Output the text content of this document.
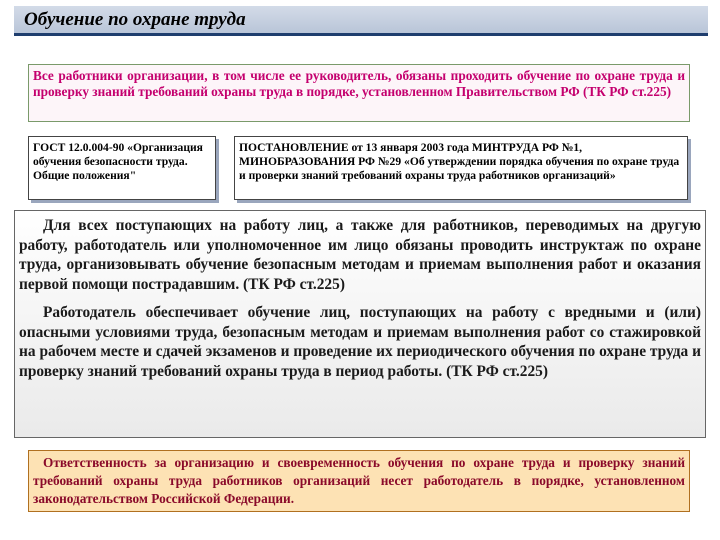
Обучение по охране труда
Все работники организации, в том числе ее руководитель, обязаны проходить обучение по охране труда и проверку знаний требований охраны труда в порядке, установленном Правительством РФ (ТК РФ ст.225)
ГОСТ 12.0.004-90 «Организация обучения безопасности труда. Общие положения"
ПОСТАНОВЛЕНИЕ от 13 января 2003 года МИНТРУДА РФ №1, МИНОБРАЗОВАНИЯ РФ №29 «Об утверждении порядка обучения по охране труда и проверки знаний требований охраны труда работников организаций»

Для всех поступающих на работу лиц, а также для работников, переводимых на другую работу, работодатель или уполномоченное им лицо обязаны проводить инструктаж по охране труда, организовывать обучение безопасным методам и приемам выполнения работ и оказания первой помощи пострадавшим. (ТК РФ ст.225)

Работодатель обеспечивает обучение лиц, поступающих на работу с вредными и (или) опасными условиями труда, безопасным методам и приемам выполнения работ со стажировкой на рабочем месте и сдачей экзаменов и проведение их периодического обучения по охране труда и проверку знаний требований охраны труда в период работы. (ТК РФ ст.225)

Ответственность за организацию и своевременность обучения по охране труда и проверку знаний требований охраны труда работников организаций несет работодатель в порядке, установленном законодательством Российской Федерации.
